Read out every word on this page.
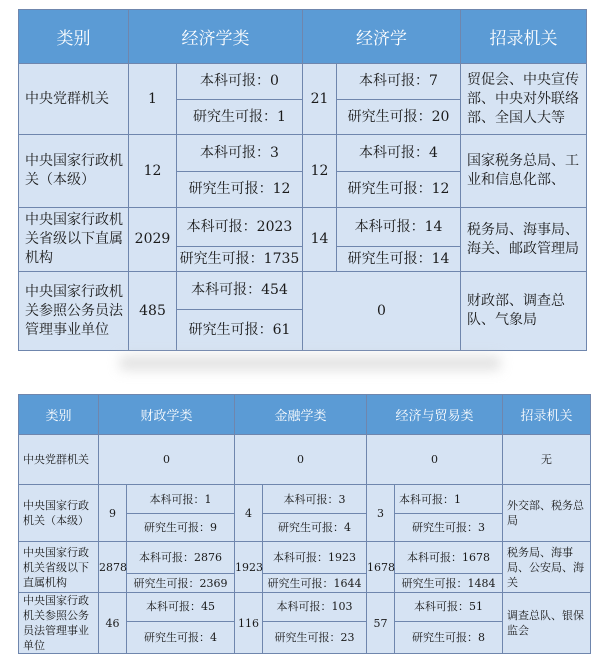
类别	经济学类		经济学		招录机关
中央党群机关	1	本科可报：0	21	本科可报：7	贸促会、中央宣传部、中央对外联络部、全国人大等
		研究生可报：1		研究生可报：20	
中央国家行政机关（本级）	12	本科可报：3	12	本科可报：4	国家税务总局、工业和信息化部、
		研究生可报：12		研究生可报：12	
中央国家行政机关省级以下直属机构	2029	本科可报：2023	14	本科可报：14	税务局、海事局、海关、邮政管理局
		研究生可报：1735		研究生可报：14	
中央国家行政机关参照公务员法管理事业单位	485	本科可报：454	0		财政部、调查总队、气象局
		研究生可报：61			
类别	财政学类		金融学类		经济与贸易类		招录机关
中央党群机关	0		0		0		无
中央国家行政机关（本级）	9	本科可报：1	4	本科可报：3	3	本科可报：1	外交部、税务总局
		研究生可报：9		研究生可报：4		研究生可报：3	
中央国家行政机关省级以下直属机构	2878	本科可报：2876	1923	本科可报：1923	1678	本科可报：1678	税务局、海事局、公安局、海关
		研究生可报：2369		研究生可报：1644		研究生可报：1484	
中央国家行政机关参照公务员法管理事业单位	46	本科可报：45	116	本科可报：103	57	本科可报：51	调查总队、银保监会
		研究生可报：4		研究生可报：23		研究生可报：8	
